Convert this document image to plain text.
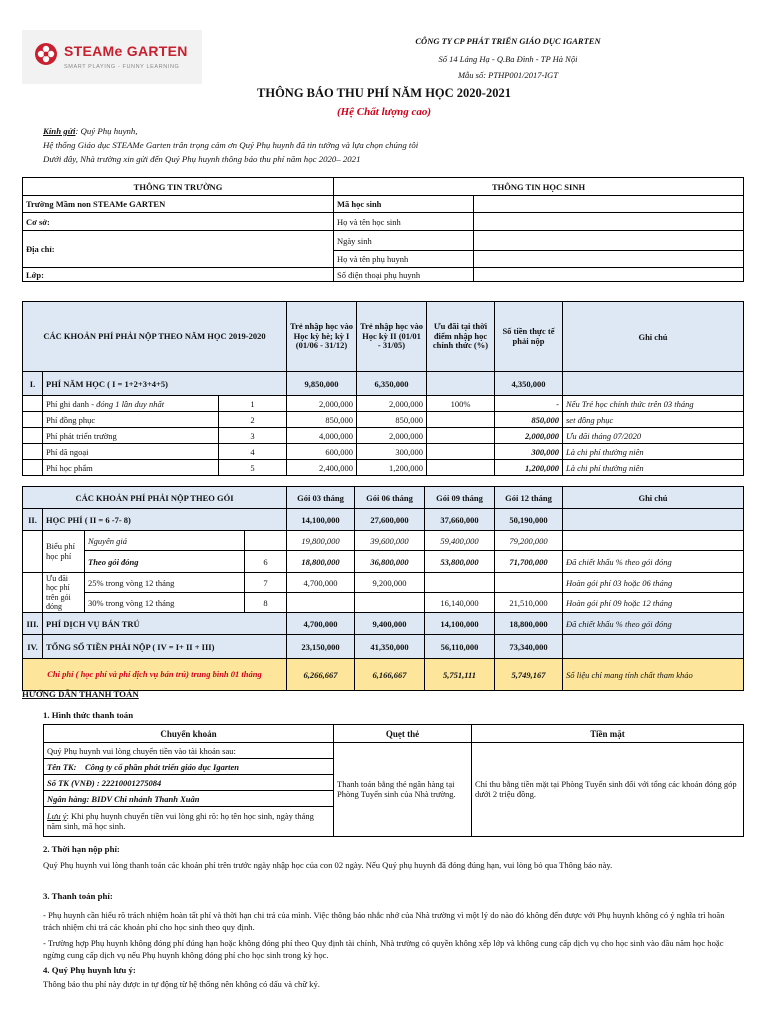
STEAMe GARTEN
SMART PLAYING - FUNNY LEARNING
CÔNG TY CP PHÁT TRIỂN GIÁO DỤC IGARTEN
Số 14 Láng Hạ - Q.Ba Đình - TP Hà Nội
Mẫu số: PTHP001/2017-IGT
THÔNG BÁO THU PHÍ NĂM HỌC 2020-2021
(Hệ Chất lượng cao)
Kính gửi: Quý Phụ huynh,
Hệ thống Giáo dục STEAMe Garten trân trọng cảm ơn Quý Phụ huynh đã tin tưởng và lựa chọn chúng tôi
Dưới đây, Nhà trường xin gửi đến Quý Phụ huynh thông báo thu phí năm học 2020– 2021
THÔNG TIN TRƯỜNG	THÔNG TIN HỌC SINH	
Trường Mầm non STEAMe GARTEN	Mã học sinh	
Cơ sở:	Họ và tên học sinh	
Địa chỉ:	Ngày sinh	
	Họ và tên phụ huynh	
Lớp:	Số điện thoại phụ huynh	
CÁC KHOẢN PHÍ PHẢI NỘP THEO NĂM HỌC 2019-2020			Trẻ nhập học vào Học kỳ hè; kỳ I (01/06 - 31/12)	Trẻ nhập học vào Học kỳ II (01/01 - 31/05)	Ưu đãi tại thời điểm nhập học chính thức (%)	Số tiền thực tế phải nộp	Ghi chú
I.	PHÍ NĂM HỌC ( I = 1+2+3+4+5)		9,850,000	6,350,000		4,350,000	
	Phí ghi danh - đóng 1 lần duy nhất	1	2,000,000	2,000,000	100%	-	Nếu Trẻ học chính thức trên 03 tháng
	Phí đồng phục	2	850,000	850,000		850,000	set đồng phục
	Phí phát triển trường	3	4,000,000	2,000,000		2,000,000	Ưu đãi tháng 07/2020
	Phí dã ngoại	4	600,000	300,000		300,000	Là chi phí thường niên
	Phí học phẩm	5	2,400,000	1,200,000		1,200,000	Là chi phí thường niên
CÁC KHOẢN PHÍ PHẢI NỘP THEO GÓI				Gói 03 tháng	Gói 06 tháng	Gói 09 tháng	Gói 12 tháng	Ghi chú
II.	HỌC PHÍ ( II = 6 -7- 8)			14,100,000	27,600,000	37,660,000	50,190,000	
	Biểu phí học phí	Nguyên giá		19,800,000	39,600,000	59,400,000	79,200,000	
		Theo gói đóng	6	18,800,000	36,800,000	53,800,000	71,700,000	Đã chiết khấu % theo gói đóng
	Ưu đãi học phí trên gói đóng	25% trong vòng 12 tháng	7	4,700,000	9,200,000			Hoàn gói phí 03 hoặc 06 tháng
		30% trong vòng 12 tháng	8			16,140,000	21,510,000	Hoàn gói phí 09 hoặc 12 tháng
III.	PHÍ DỊCH VỤ BÁN TRÚ			4,700,000	9,400,000	14,100,000	18,800,000	Đã chiết khấu % theo gói đóng
IV.	TỔNG SỐ TIỀN PHẢI NỘP ( IV = I+ II + III)			23,150,000	41,350,000	56,110,000	73,340,000	
Chi phí ( học phí và phí dịch vụ bán trú) trung bình 01 tháng				6,266,667	6,166,667	5,751,111	5,749,167	Số liệu chỉ mang tính chất tham khảo
HƯỚNG DẪN THANH TOÁN
1. Hình thức thanh toán
Chuyển khoản	Quẹt thẻ	Tiền mặt
Quý Phụ huynh vui lòng chuyển tiền vào tài khoản sau:	Thanh toán bằng thẻ ngân hàng tại Phòng Tuyển sinh của Nhà trường.	Chỉ thu bằng tiền mặt tại Phòng Tuyển sinh đối với tổng các khoản đóng góp dưới 2 triệu đồng.
Tên TK: Công ty cổ phần phát triển giáo dục Igarten		
Số TK (VNĐ) : 22210001275084		
Ngân hàng: BIDV Chi nhánh Thanh Xuân		
Lưu ý: Khi phụ huynh chuyển tiền vui lòng ghi rõ: họ tên học sinh, ngày tháng năm sinh, mã học sinh.		
2. Thời hạn nộp phí:
Quý Phụ huynh vui lòng thanh toán các khoản phí trên trước ngày nhập học của con 02 ngày. Nếu Quý phụ huynh đã đóng đúng hạn, vui lòng bỏ qua Thông báo này.
3. Thanh toán phí:
- Phụ huynh cần hiểu rõ trách nhiệm hoàn tất phí và thời hạn chi trả của mình. Việc thông báo nhắc nhở của Nhà trường vì một lý do nào đó không đến được với Phụ huynh không có ý nghĩa trì hoãn trách nhiệm chi trả các khoản phí cho học sinh theo quy định.
- Trường hợp Phụ huynh không đóng phí đúng hạn hoặc không đóng phí theo Quy định tài chính, Nhà trường có quyền không xếp lớp và không cung cấp dịch vụ cho học sinh vào đầu năm học hoặc ngừng cung cấp dịch vụ nếu Phụ huynh không đóng phí cho học sinh trong kỳ học.
4. Quý Phụ huynh lưu ý:
Thông báo thu phí này được in tự động từ hệ thống nên không có dấu và chữ ký.
